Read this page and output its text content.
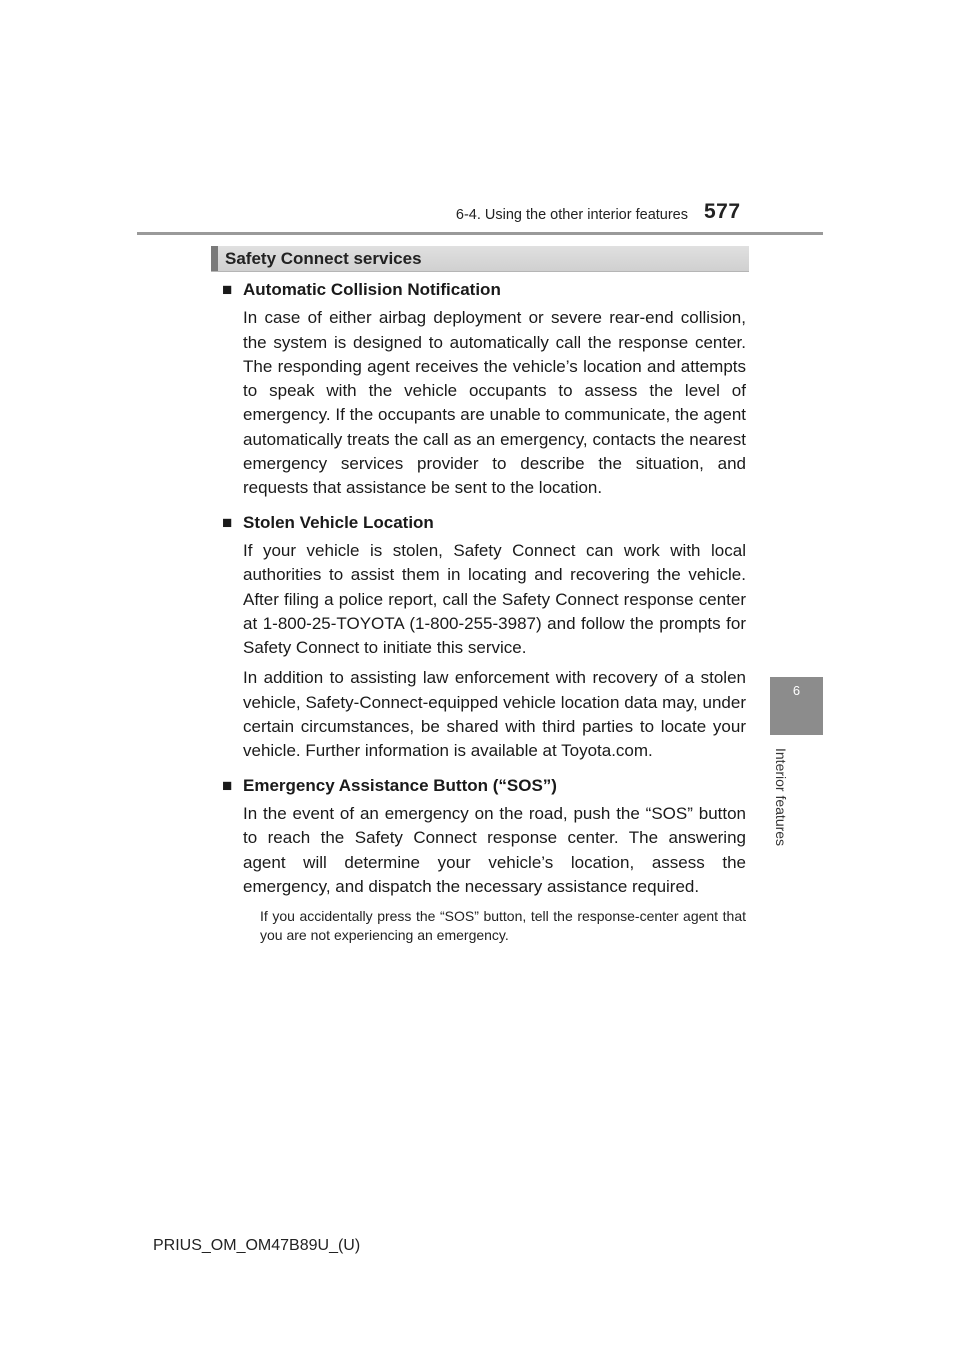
6-4. Using the other interior features 577
6
Interior features
Safety Connect services

■ Automatic Collision Notification

In case of either airbag deployment or severe rear-end collision, the system is designed to automatically call the response center. The responding agent receives the vehicle’s location and attempts to speak with the vehicle occupants to assess the level of emergency. If the occupants are unable to communicate, the agent automatically treats the call as an emergency, contacts the nearest emergency services provider to describe the situation, and requests that assistance be sent to the location.

■ Stolen Vehicle Location

If your vehicle is stolen, Safety Connect can work with local authorities to assist them in locating and recovering the vehicle. After filing a police report, call the Safety Connect response center at 1-800-25-TOYOTA (1-800-255-3987) and follow the prompts for Safety Connect to initiate this service.

In addition to assisting law enforcement with recovery of a stolen vehicle, Safety-Connect-equipped vehicle location data may, under certain circumstances, be shared with third parties to locate your vehicle. Further information is available at Toyota.com.

■ Emergency Assistance Button (“SOS”)

In the event of an emergency on the road, push the “SOS” button to reach the Safety Connect response center. The answering agent will determine your vehicle’s location, assess the emergency, and dispatch the necessary assistance required.

If you accidentally press the “SOS” button, tell the response-center agent that you are not experiencing an emergency.

PRIUS_OM_OM47B89U_(U)
